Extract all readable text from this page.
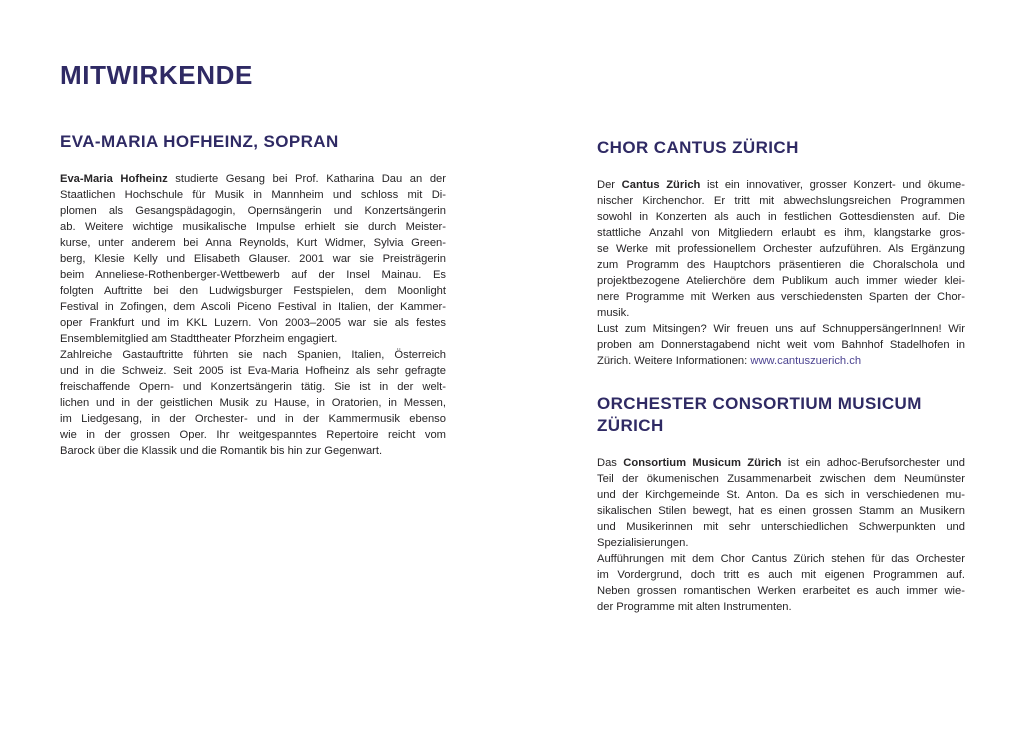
MITWIRKENDE
EVA-MARIA HOFHEINZ, SOPRAN
Eva-Maria Hofheinz studierte Gesang bei Prof. Katharina Dau an der
Staatlichen Hochschule für Musik in Mannheim und schloss mit Di-
plomen als Gesangspädagogin, Opernsängerin und Konzertsängerin
ab. Weitere wichtige musikalische Impulse erhielt sie durch Meister-
kurse, unter anderem bei Anna Reynolds, Kurt Widmer, Sylvia Green-
berg, Klesie Kelly und Elisabeth Glauser. 2001 war sie Preisträgerin
beim Anneliese-Rothenberger-Wettbewerb auf der Insel Mainau. Es
folgten Auftritte bei den Ludwigsburger Festspielen, dem Moonlight
Festival in Zofingen, dem Ascoli Piceno Festival in Italien, der Kammer-
oper Frankfurt und im KKL Luzern. Von 2003–2005 war sie als festes
Ensemblemitglied am Stadttheater Pforzheim engagiert.
Zahlreiche Gastauftritte führten sie nach Spanien, Italien, Österreich
und in die Schweiz. Seit 2005 ist Eva-Maria Hofheinz als sehr gefragte
freischaffende Opern- und Konzertsängerin tätig. Sie ist in der welt-
lichen und in der geistlichen Musik zu Hause, in Oratorien, in Messen,
im Liedgesang, in der Orchester- und in der Kammermusik ebenso
wie in der grossen Oper. Ihr weitgespanntes Repertoire reicht vom
Barock über die Klassik und die Romantik bis hin zur Gegenwart.
CHOR CANTUS ZÜRICH
Der Cantus Zürich ist ein innovativer, grosser Konzert- und ökume-
nischer Kirchenchor. Er tritt mit abwechslungsreichen Programmen
sowohl in Konzerten als auch in festlichen Gottesdiensten auf. Die
stattliche Anzahl von Mitgliedern erlaubt es ihm, klangstarke gros-
se Werke mit professionellem Orchester aufzuführen. Als Ergänzung
zum Programm des Hauptchors präsentieren die Choralschola und
projektbezogene Atelierchöre dem Publikum auch immer wieder klei-
nere Programme mit Werken aus verschiedensten Sparten der Chor-
musik.
Lust zum Mitsingen? Wir freuen uns auf SchnuppersängerInnen! Wir
proben am Donnerstagabend nicht weit vom Bahnhof Stadelhofen in
Zürich. Weitere Informationen: www.cantuszuerich.ch
ORCHESTER CONSORTIUM MUSICUM ZÜRICH
Das Consortium Musicum Zürich ist ein adhoc-Berufsorchester und
Teil der ökumenischen Zusammenarbeit zwischen dem Neumünster
und der Kirchgemeinde St. Anton. Da es sich in verschiedenen mu-
sikalischen Stilen bewegt, hat es einen grossen Stamm an Musikern
und Musikerinnen mit sehr unterschiedlichen Schwerpunkten und
Spezialisierungen.
Aufführungen mit dem Chor Cantus Zürich stehen für das Orchester
im Vordergrund, doch tritt es auch mit eigenen Programmen auf.
Neben grossen romantischen Werken erarbeitet es auch immer wie-
der Programme mit alten Instrumenten.
